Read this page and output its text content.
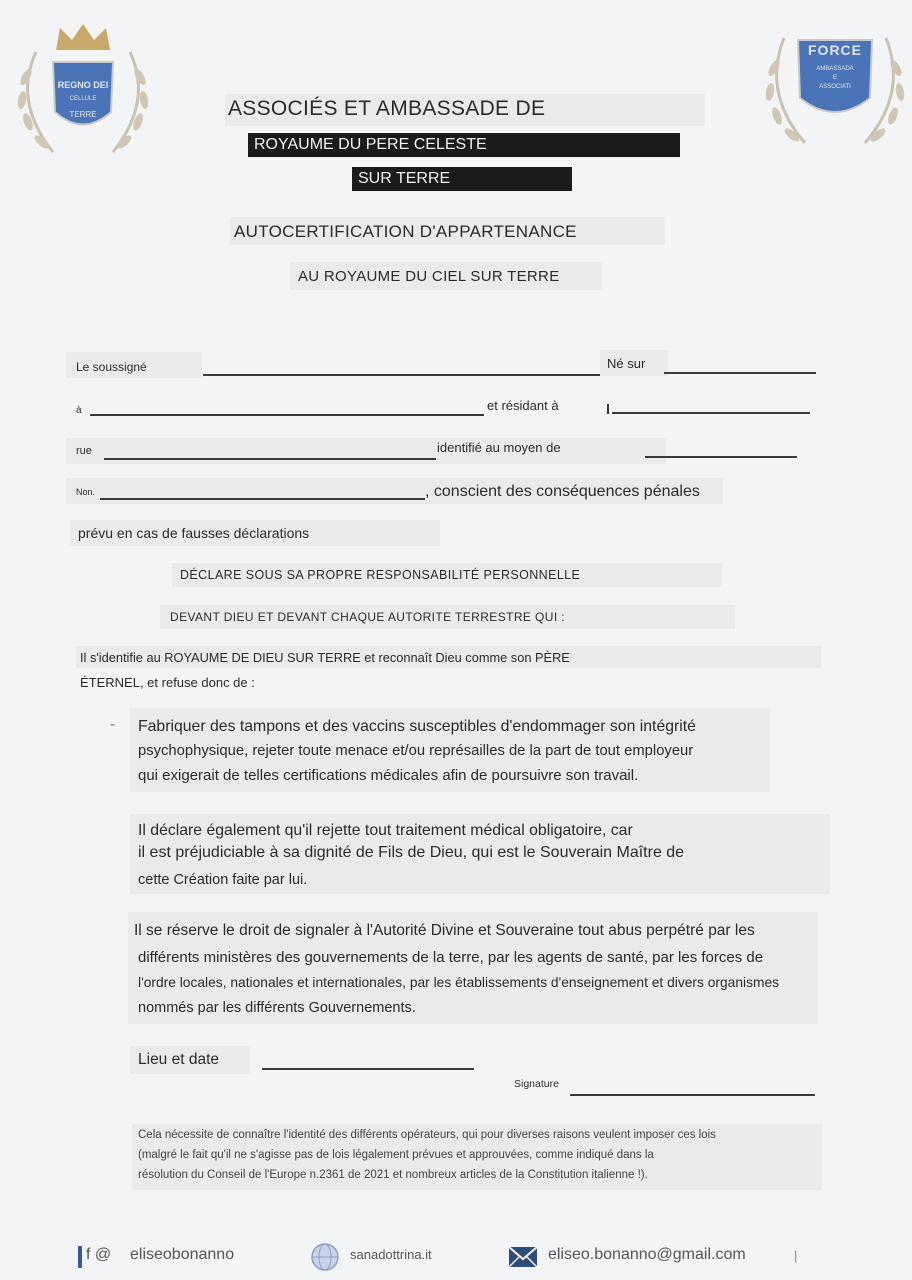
REGNO DEI
CELLULE
TERRE
FORCE
AMBASSADA
E
ASSOCIATI
ASSOCIÉS ET AMBASSADE DE
ROYAUME DU PERE CELESTE
SUR TERRE
AUTOCERTIFICATION D'APPARTENANCE
AU ROYAUME DU CIEL SUR TERRE
Le soussigné	Né sur
à	et résidant à
rue	identifié au moyen de
Non.	, conscient des conséquences pénales
prévu en cas de fausses déclarations
DÉCLARE SOUS SA PROPRE RESPONSABILITÉ PERSONNELLE
DEVANT DIEU ET DEVANT CHAQUE AUTORITE TERRESTRE QUI :
Il s'identifie au ROYAUME DE DIEU SUR TERRE et reconnaît Dieu comme son PÈRE
ÉTERNEL, et refuse donc de :
- Fabriquer des tampons et des vaccins susceptibles d'endommager son intégrité
psychophysique, rejeter toute menace et/ou représailles de la part de tout employeur
qui exigerait de telles certifications médicales afin de poursuivre son travail.
Il déclare également qu'il rejette tout traitement médical obligatoire, car
il est préjudiciable à sa dignité de Fils de Dieu, qui est le Souverain Maître de
cette Création faite par lui.
Il se réserve le droit de signaler à l'Autorité Divine et Souveraine tout abus perpétré par les
différents ministères des gouvernements de la terre, par les agents de santé, par les forces de
l'ordre locales, nationales et internationales, par les établissements d'enseignement et divers organismes
nommés par les différents Gouvernements.
Lieu et date
Signature
Cela nécessite de connaître l'identité des différents opérateurs, qui pour diverses raisons veulent imposer ces lois
(malgré le fait qu'il ne s'agisse pas de lois légalement prévues et approuvées, comme indiqué dans la
résolution du Conseil de l'Europe n.2361 de 2021 et nombreux articles de la Constitution italienne !).
f @ eliseobonanno	sanadottrina.it	eliseo.bonanno@gmail.com	|
